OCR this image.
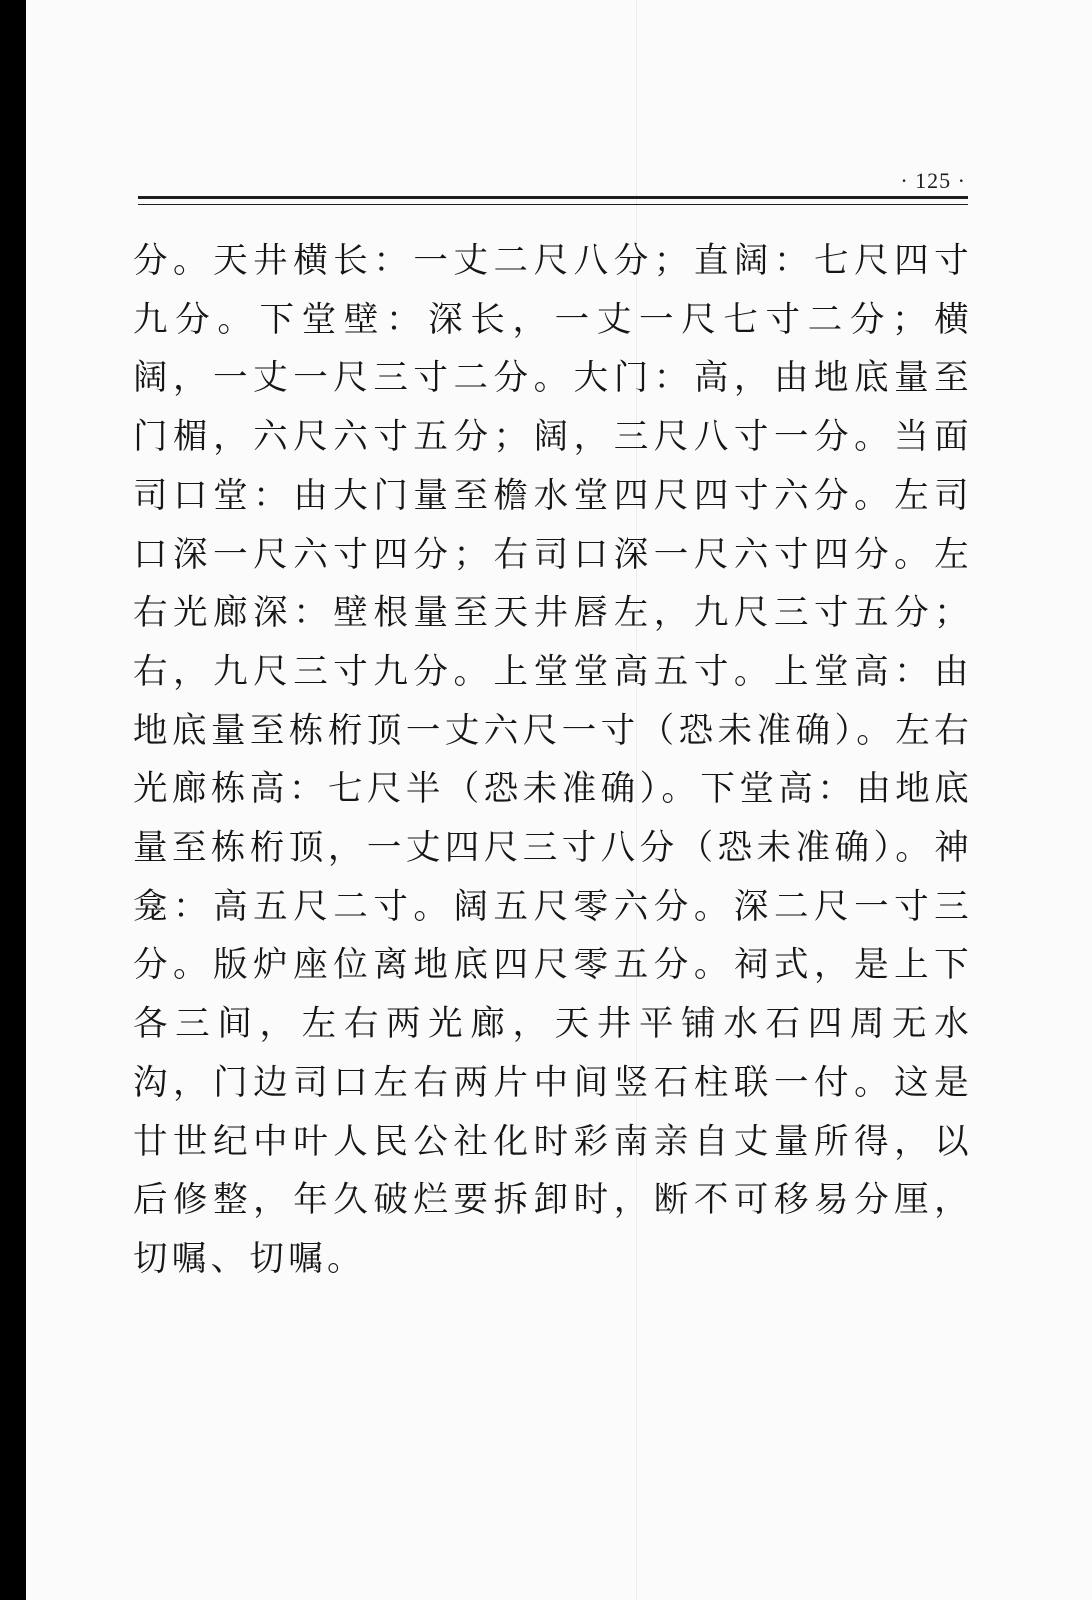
· 125 ·

分。天井横长：一丈二尺八分；直阔：七尺四寸九分。下堂壁：深长，一丈一尺七寸二分；横阔，一丈一尺三寸二分。大门：高，由地底量至门楣，六尺六寸五分；阔，三尺八寸一分。当面司口堂：由大门量至檐水堂四尺四寸六分。左司口深一尺六寸四分；右司口深一尺六寸四分。左右光廊深：壁根量至天井唇左，九尺三寸五分；右，九尺三寸九分。上堂堂高五寸。上堂高：由地底量至栋桁顶一丈六尺一寸（恐未准确）。左右光廊栋高：七尺半（恐未准确）。下堂高：由地底量至栋桁顶，一丈四尺三寸八分（恐未准确）。神龛：高五尺二寸。阔五尺零六分。深二尺一寸三分。版炉座位离地底四尺零五分。祠式，是上下各三间，左右两光廊，天井平铺水石四周无水沟，门边司口左右两片中间竖石柱联一付。这是廿世纪中叶人民公社化时彩南亲自丈量所得，以后修整，年久破烂要拆卸时，断不可移易分厘，切嘱、切嘱。
